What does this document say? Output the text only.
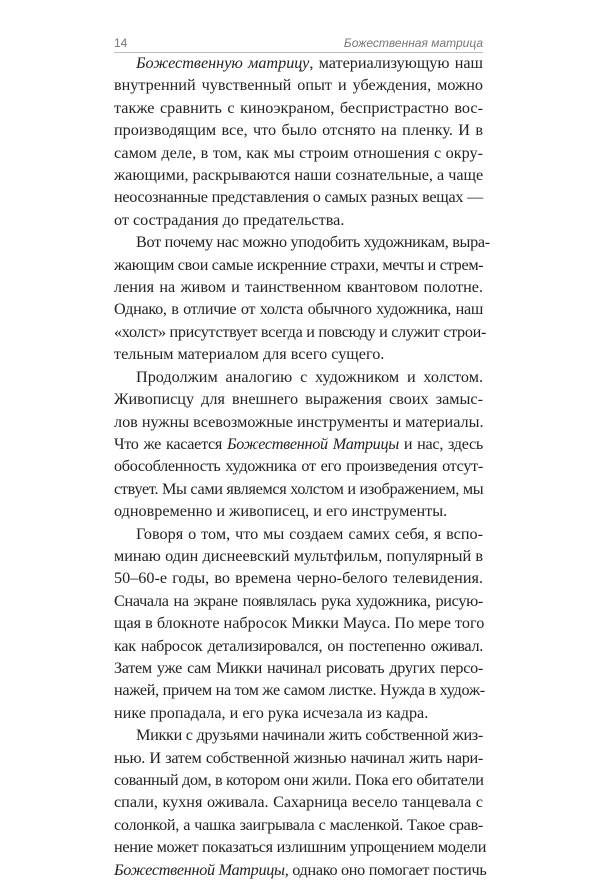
14	Божественная матрица
Божественную матрицу, материализующую наш
внутренний чувственный опыт и убеждения, можно
также сравнить с киноэкраном, беспристрастно вос-
производящим все, что было отснято на пленку. И в
самом деле, в том, как мы строим отношения с окру-
жающими, раскрываются наши сознательные, а чаще
неосознанные представления о самых разных вещах —
от сострадания до предательства.
Вот почему нас можно уподобить художникам, выра-
жающим свои самые искренние страхи, мечты и стрем-
ления на живом и таинственном квантовом полотне.
Однако, в отличие от холста обычного художника, наш
«холст» присутствует всегда и повсюду и служит строи-
тельным материалом для всего сущего.
Продолжим аналогию с художником и холстом.
Живописцу для внешнего выражения своих замыс-
лов нужны всевозможные инструменты и материалы.
Что же касается Божественной Матрицы и нас, здесь
обособленность художника от его произведения отсут-
ствует. Мы сами являемся холстом и изображением, мы
одновременно и живописец, и его инструменты.
Говоря о том, что мы создаем самих себя, я вспо-
минаю один диснеевский мультфильм, популярный в
50–60-е годы, во времена черно-белого телевидения.
Сначала на экране появлялась рука художника, рисую-
щая в блокноте набросок Микки Мауса. По мере того
как набросок детализировался, он постепенно оживал.
Затем уже сам Микки начинал рисовать других персо-
нажей, причем на том же самом листке. Нужда в худож-
нике пропадала, и его рука исчезала из кадра.
Микки с друзьями начинали жить собственной жиз-
нью. И затем собственной жизнью начинал жить нари-
сованный дом, в котором они жили. Пока его обитатели
спали, кухня оживала. Сахарница весело танцевала с
солонкой, а чашка заигрывала с масленкой. Такое срав-
нение может показаться излишним упрощением модели
Божественной Матрицы, однако оно помогает постичь
